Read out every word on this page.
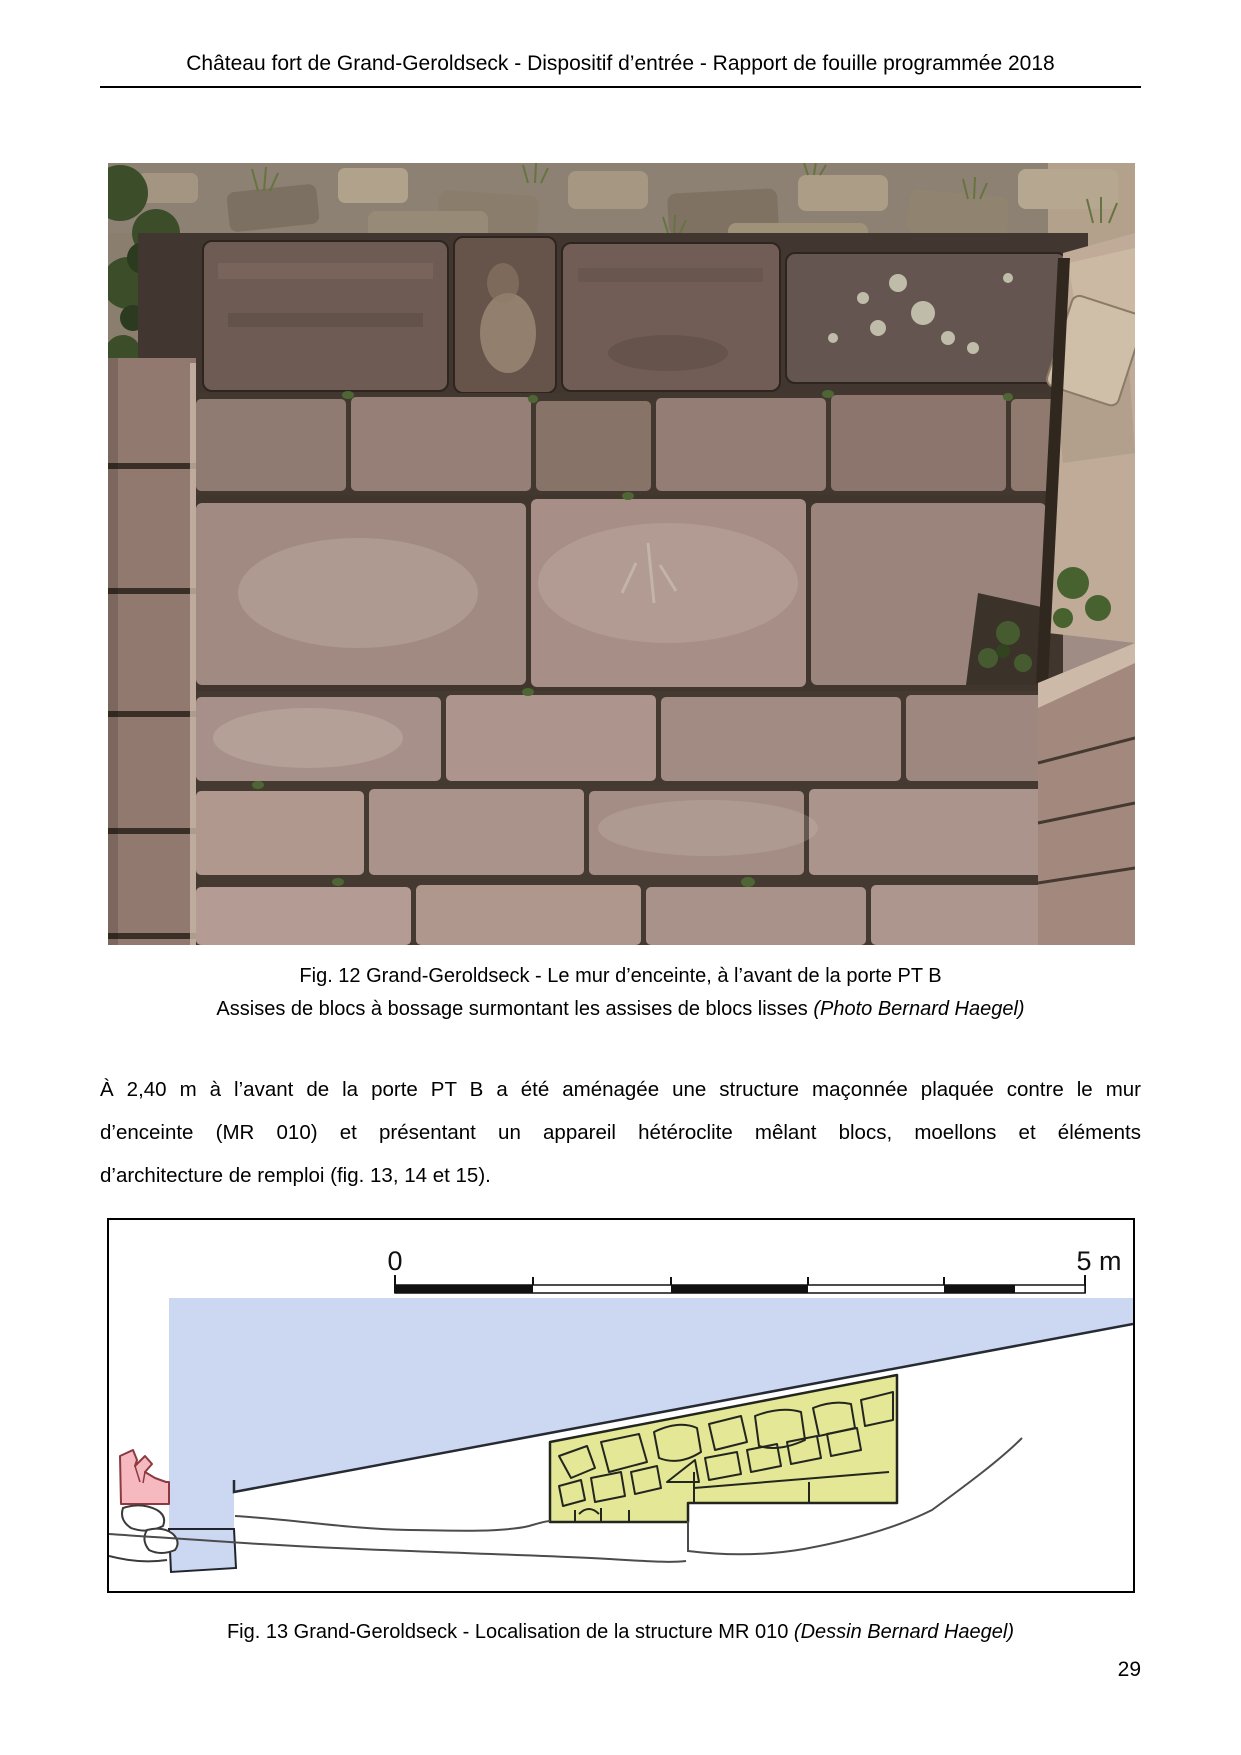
Château fort de Grand-Geroldseck - Dispositif d’entrée - Rapport de fouille programmée 2018
Fig. 12 Grand-Geroldseck - Le mur d’enceinte, à l’avant de la porte PT B
Assises de blocs à bossage surmontant les assises de blocs lisses (Photo Bernard Haegel)
À 2,40 m à l’avant de la porte PT B a été aménagée une structure maçonnée plaquée contre le mur
d’enceinte (MR 010) et présentant un appareil hétéroclite mêlant blocs, moellons et éléments
d’architecture de remploi (fig. 13, 14 et 15).
0	5 m
Fig. 13 Grand-Geroldseck - Localisation de la structure MR 010 (Dessin Bernard Haegel)
29
